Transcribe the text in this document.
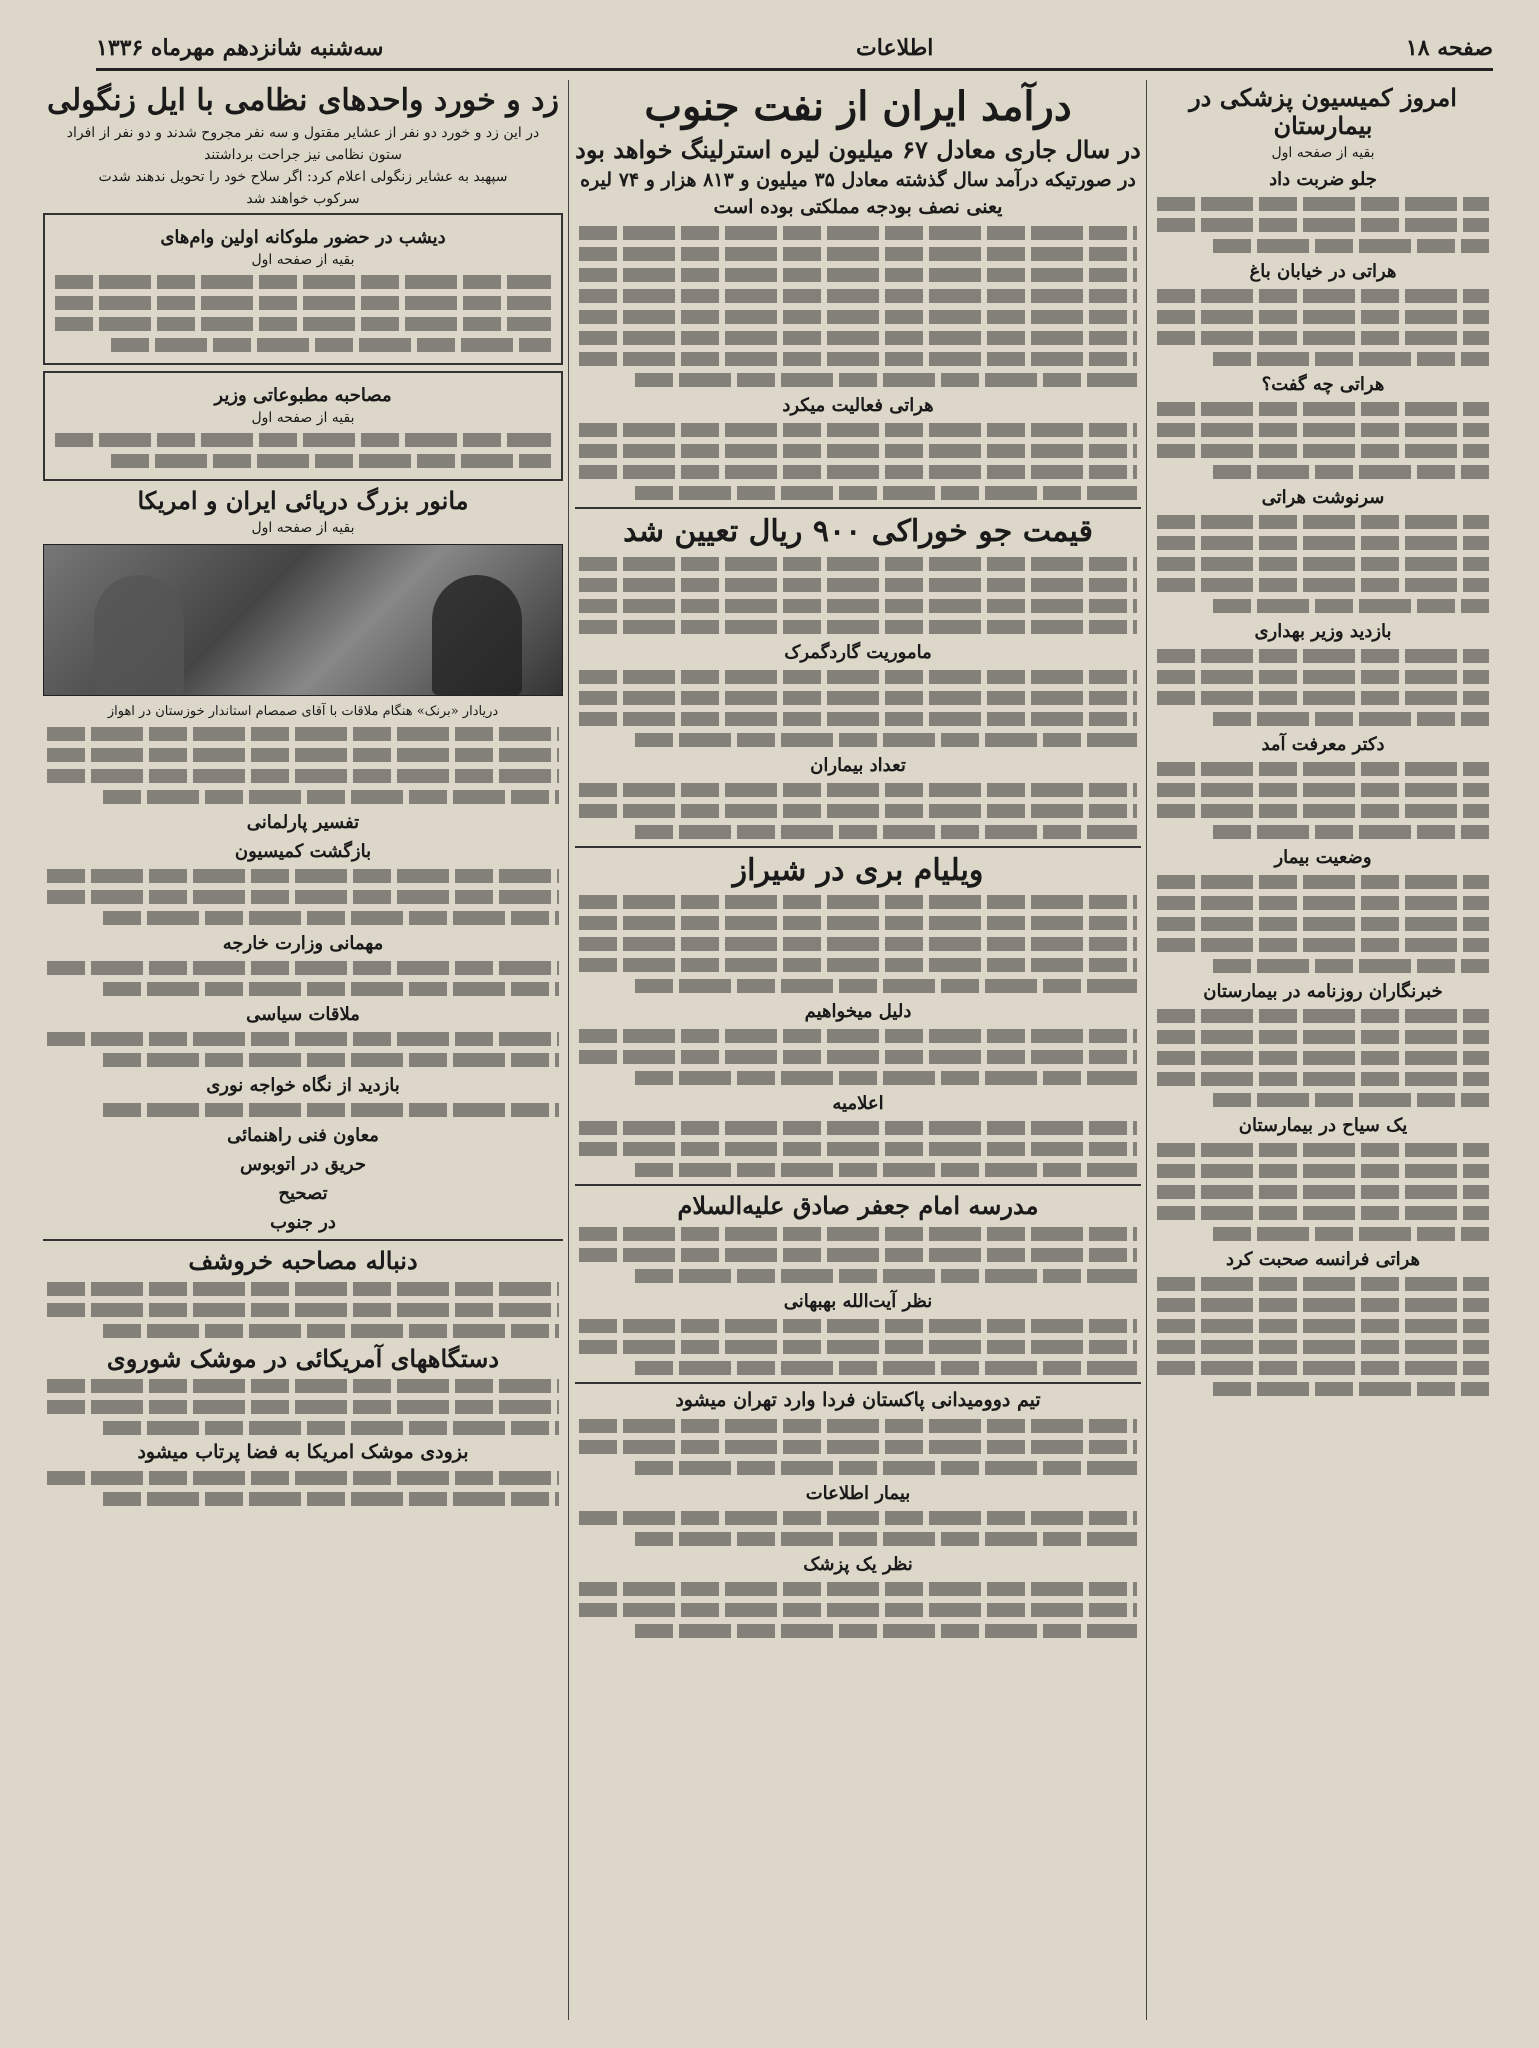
صفحه ۱۸
اطلاعات
سه‌شنبه شانزدهم مهرماه ۱۳۳۶
امروز کمیسیون پزشکی در بیمارستان
بقیه از صفحه اول
جلو ضربت داد
هراتی در خیابان باغ
هراتی چه گفت؟
سرنوشت هراتی
بازدید وزیر بهداری
دکتر معرفت آمد
وضعیت بیمار
خبرنگاران روزنامه در بیمارستان
یک سیاح در بیمارستان
هراتی فرانسه صحبت کرد
درآمد ایران از نفت جنوب
در سال جاری معادل ۶۷ میلیون لیره استرلینگ خواهد بود
در صورتیکه درآمد سال گذشته معادل ۳۵ میلیون و ۸۱۳ هزار و ۷۴ لیره
یعنی نصف بودجه مملکتی بوده است
هراتی فعالیت میکرد
قیمت جو خوراکی ۹۰۰ ریال تعیین شد
ماموریت گاردگمرک
تعداد بیماران
ویلیام بری در شیراز
دلیل میخواهیم
اعلامیه
مدرسه امام جعفر صادق علیه‌السلام
نظر آیت‌الله بهبهانی
تیم دوومیدانی پاکستان فردا وارد تهران میشود
بیمار اطلاعات
نظر یک پزشک
زد و خورد واحدهای نظامی با ایل زنگولی
در این زد و خورد دو نفر از عشایر مقتول و سه نفر مجروح شدند و دو نفر از افراد
ستون نظامی نیز جراحت برداشتند
سپهبد به عشایر زنگولی اعلام کرد: اگر سلاح خود را تحویل ندهند شدت
سرکوب خواهند شد
دیشب در حضور ملوکانه اولین وام‌های
بقیه از صفحه اول
مصاحبه مطبوعاتی وزیر
بقیه از صفحه اول
مانور بزرگ دریائی ایران و امریکا
بقیه از صفحه اول
دریادار «برنک» هنگام ملاقات با آقای صمصام استاندار خوزستان در اهواز
تفسیر پارلمانی
بازگشت کمیسیون
مهمانی وزارت خارجه
ملاقات سیاسی
بازدید از نگاه خواجه نوری
معاون فنی راهنمائی
حریق در اتوبوس
تصحیح
در جنوب
دنباله مصاحبه خروشف
دستگاههای آمریکائی در موشک شوروی
بزودی موشک امریکا به فضا پرتاب میشود
